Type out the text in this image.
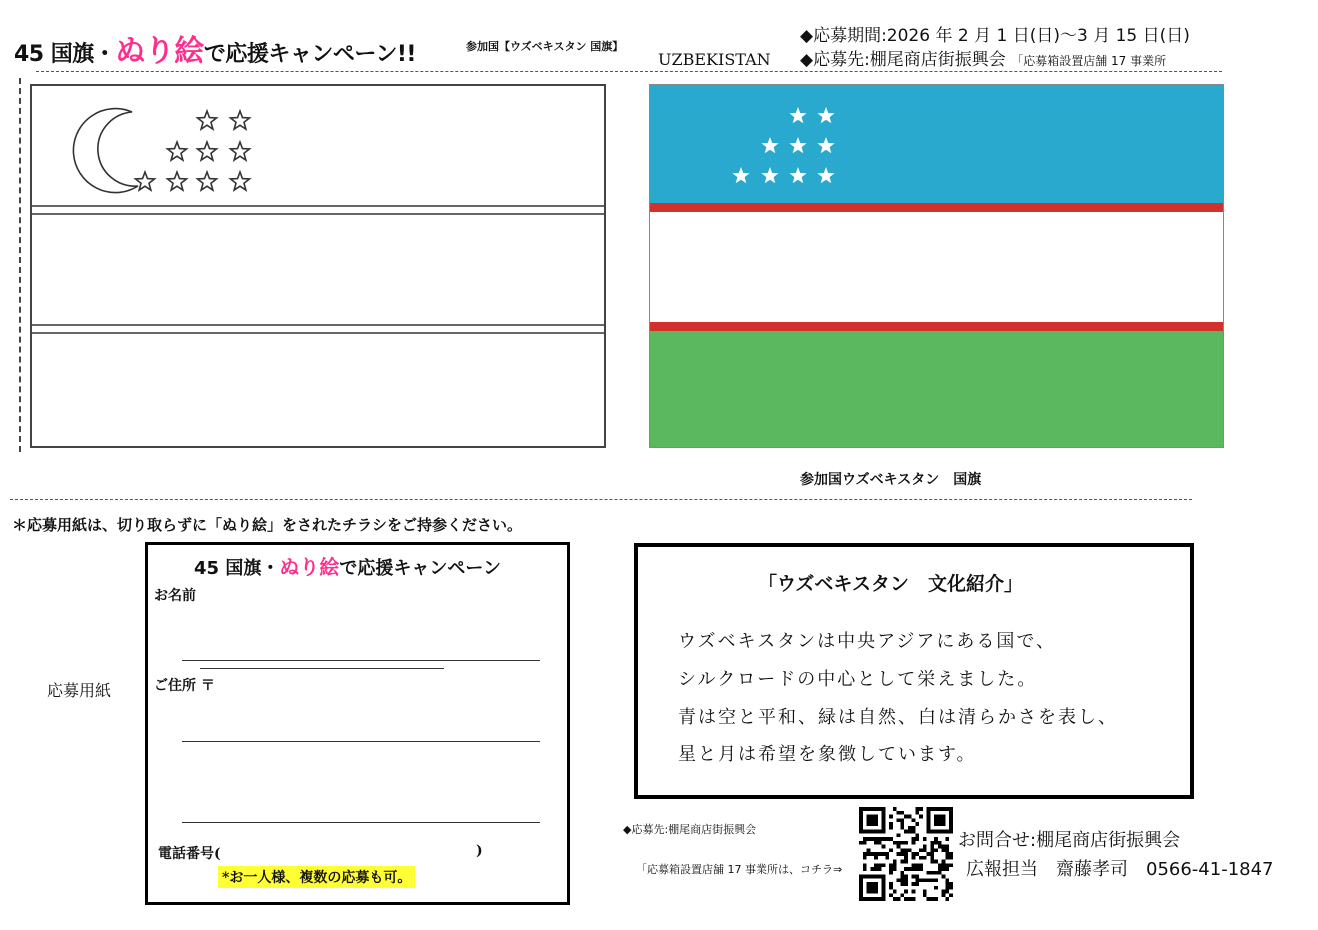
45 国旗・ぬり絵で応援キャンペーン!!	参加国【ウズベキスタン 国旗】
UZBEKISTAN
◆応募期間:2026 年 2 月 1 日(日)～3 月 15 日(日)
◆応募先:棚尾商店街振興会 「応募箱設置店舗 17 事業所
参加国ウズベキスタン　国旗
＊応募用紙は、切り取らずに「ぬり絵」をされたチラシをご持参ください。
応募用紙
45 国旗・ぬり絵で応援キャンペーン
お名前
ご住所 〒
電話番号(	)
*お一人様、複数の応募も可。
「ウズベキスタン　文化紹介」
ウズベキスタンは中央アジアにある国で、
シルクロードの中心として栄えました。
青は空と平和、緑は自然、白は清らかさを表し、
星と月は希望を象徴しています。
◆応募先:棚尾商店街振興会
「応募箱設置店舗 17 事業所は、コチラ⇒
お問合せ:棚尾商店街振興会
広報担当　齋藤孝司　0566-41-1847
